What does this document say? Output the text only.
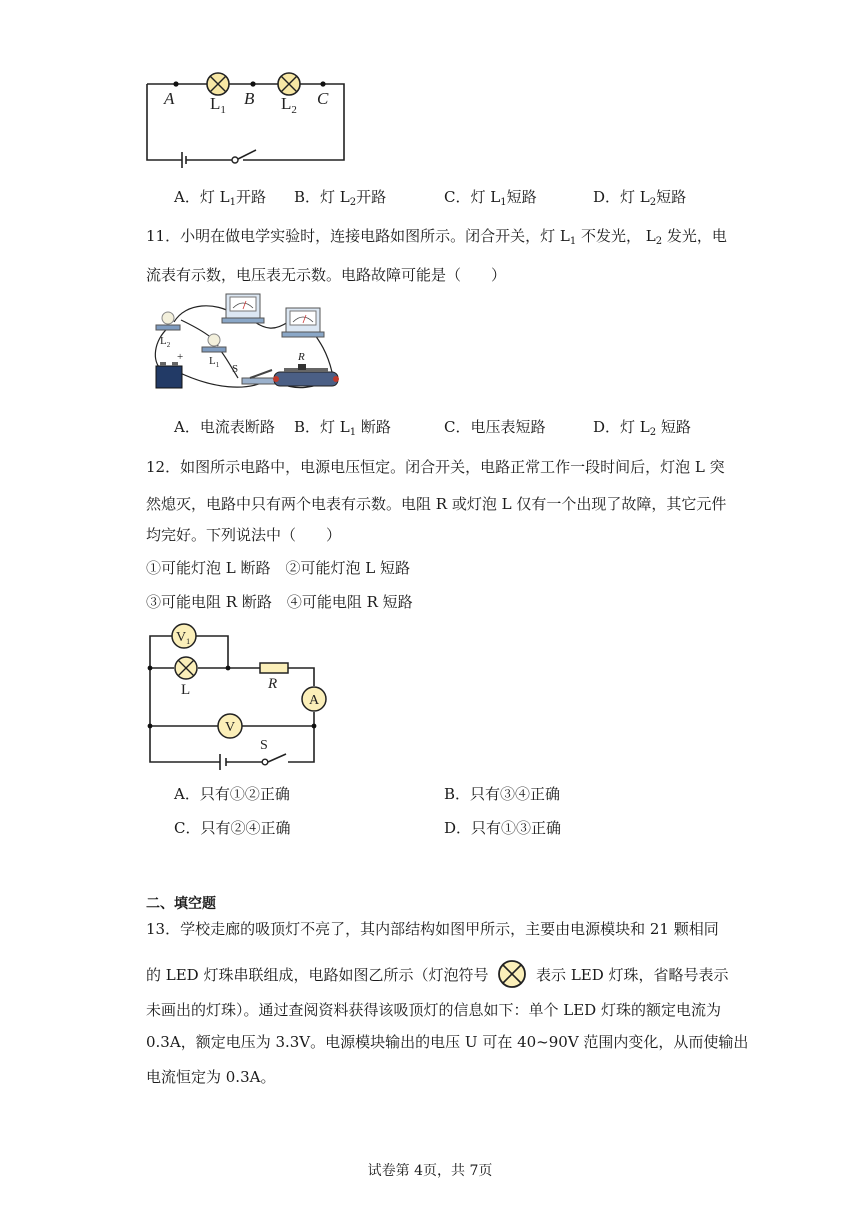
A	B	C
$L_1$	$L_2$
A．灯 $L_1$开路 B．灯 $L_2$开路	C．灯 $L_1$短路	D．灯 $L_2$短路
11．小明在做电学实验时，连接电路如图所示。闭合开关，灯 $L_1$ 不发光， $L_2$ 发光，电
流表有示数，电压表无示数。电路故障可能是（　　）
$L_2$
$L_1$
+
S
R
A．电流表断路 B．灯 $L_1$ 断路	C．电压表短路	D．灯 $L_2$ 短路
12．如图所示电路中，电源电压恒定。闭合开关，电路正常工作一段时间后，灯泡 L 突
然熄灭，电路中只有两个电表有示数。电阻 R 或灯泡 L 仅有一个出现了故障，其它元件
均完好。下列说法中（　　）
①可能灯泡 L 断路　②可能灯泡 L 短路
③可能电阻 R 断路　④可能电阻 R 短路
$V_1$
A
V
L	R
S
A．只有①②正确	B．只有③④正确
C．只有②④正确	D．只有①③正确
二、填空题
13．学校走廊的吸顶灯不亮了，其内部结构如图甲所示，主要由电源模块和 21 颗相同
的 LED 灯珠串联组成，电路如图乙所示（灯泡符号	表示 LED 灯珠，省略号表示
未画出的灯珠）。通过查阅资料获得该吸顶灯的信息如下：单个 LED 灯珠的额定电流为
0.3A，额定电压为 3.3V。电源模块输出的电压 U 可在 40~90V 范围内变化，从而使输出
电流恒定为 0.3A。
试卷第 4页，共 7页
